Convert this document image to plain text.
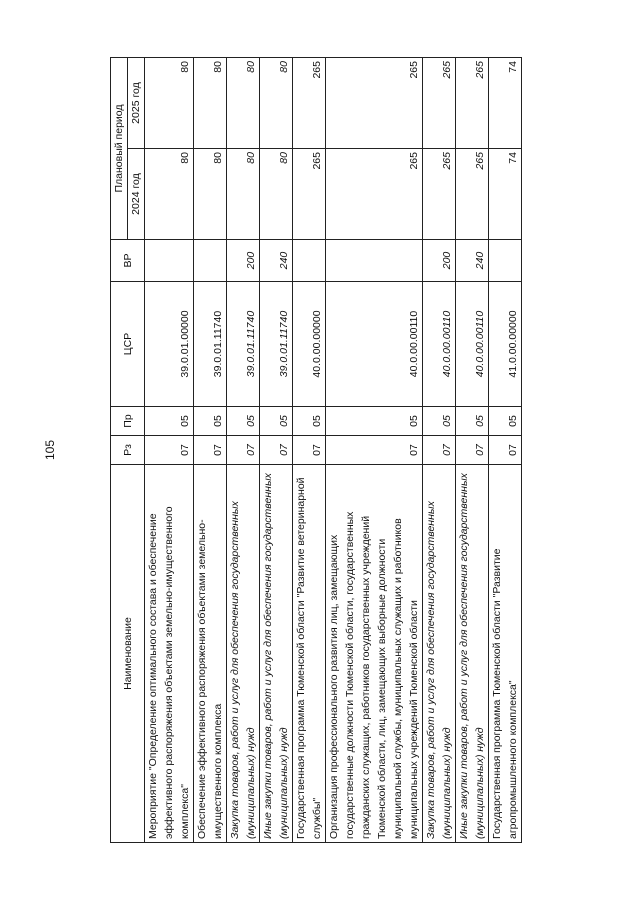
105
Наименование	Рз	Пр	ЦСР	ВР	Плановый период	
					2024 год	2025 год
Мероприятие "Определение оптимального состава и обеспечение эффективного распоряжения объектами земельно-имущественного комплекса"	07	05	39.0.01.00000		80	80
Обеспечение эффективного распоряжения объектами земельно-имущественного комплекса	07	05	39.0.01.11740		80	80
Закупка товаров, работ и услуг для обеспечения государственных (муниципальных) нужд	07	05	39.0.01.11740	200	80	80
Иные закупки товаров, работ и услуг для обеспечения государственных (муниципальных) нужд	07	05	39.0.01.11740	240	80	80
Государственная программа Тюменской области "Развитие ветеринарной службы"	07	05	40.0.00.00000		265	265
Организация профессионального развития лиц, замещающих государственные должности Тюменской области, государственных гражданских служащих, работников государственных учреждений Тюменской области, лиц, замещающих выборные должности муниципальной службы, муниципальных служащих и работников муниципальных учреждений Тюменской области	07	05	40.0.00.00110		265	265
Закупка товаров, работ и услуг для обеспечения государственных (муниципальных) нужд	07	05	40.0.00.00110	200	265	265
Иные закупки товаров, работ и услуг для обеспечения государственных (муниципальных) нужд	07	05	40.0.00.00110	240	265	265
Государственная программа Тюменской области "Развитие агропромышленного комплекса"	07	05	41.0.00.00000		74	74
